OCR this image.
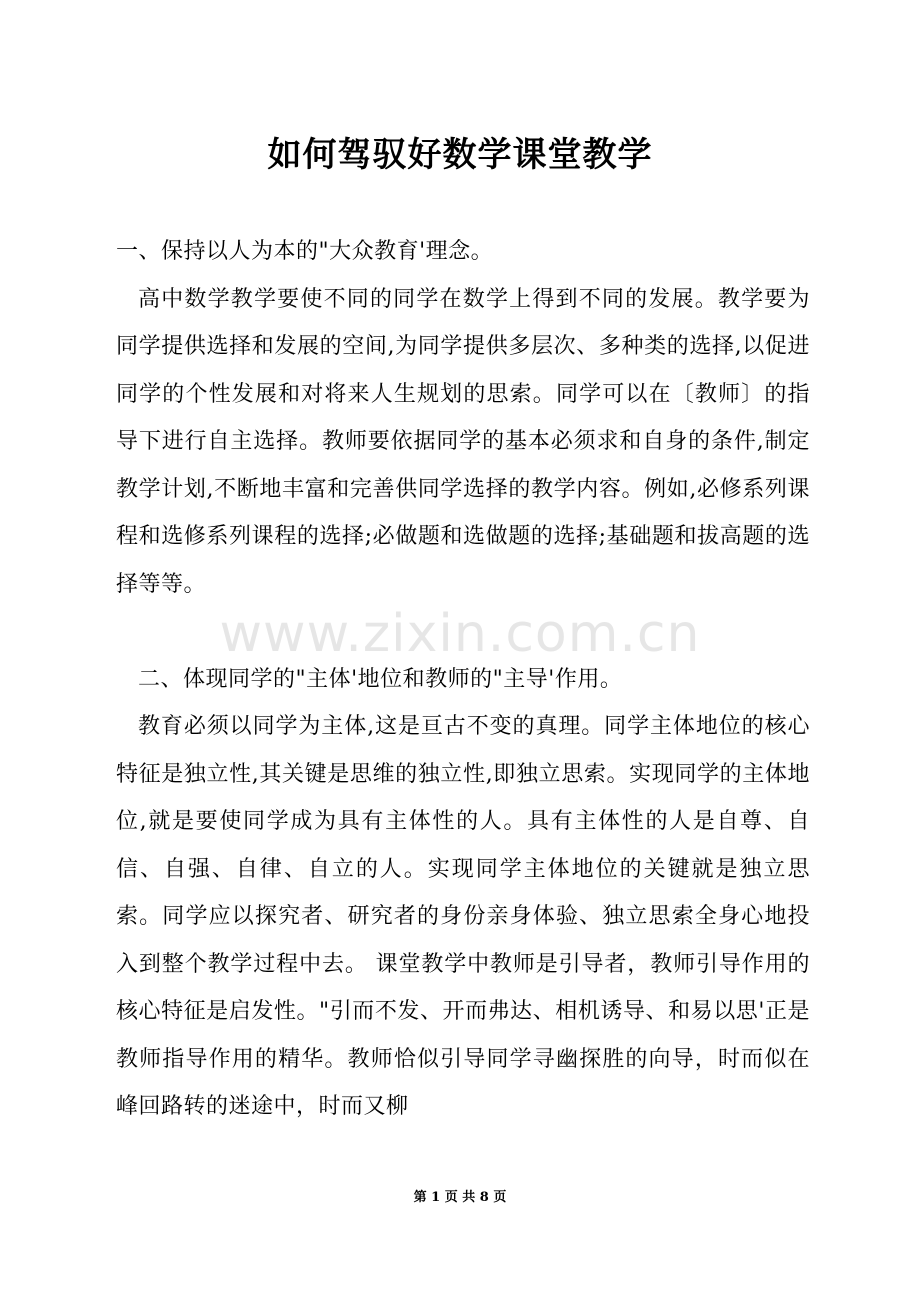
如何驾驭好数学课堂教学

一、保持以人为本的"大众教育'理念。

高中数学教学要使不同的同学在数学上得到不同的发展。教学要为同学提供选择和发展的空间,为同学提供多层次、多种类的选择,以促进同学的个性发展和对将来人生规划的思索。同学可以在〔教师〕的指导下进行自主选择。教师要依据同学的基本必须求和自身的条件,制定教学计划,不断地丰富和完善供同学选择的教学内容。例如,必修系列课程和选修系列课程的选择;必做题和选做题的选择;基础题和拔高题的选择等等。

二、体现同学的"主体'地位和教师的"主导'作用。

教育必须以同学为主体,这是亘古不变的真理。同学主体地位的核心特征是独立性,其关键是思维的独立性,即独立思索。实现同学的主体地位,就是要使同学成为具有主体性的人。具有主体性的人是自尊、自信、自强、自律、自立的人。实现同学主体地位的关键就是独立思索。同学应以探究者、研究者的身份亲身体验、独立思索全身心地投入到整个教学过程中去。 课堂教学中教师是引导者，教师引导作用的核心特征是启发性。"引而不发、开而弗达、相机诱导、和易以思'正是教师指导作用的精华。教师恰似引导同学寻幽探胜的向导，时而似在峰回路转的迷途中，时而又柳

www.zixin.com.cn
第 1 页 共 8 页
